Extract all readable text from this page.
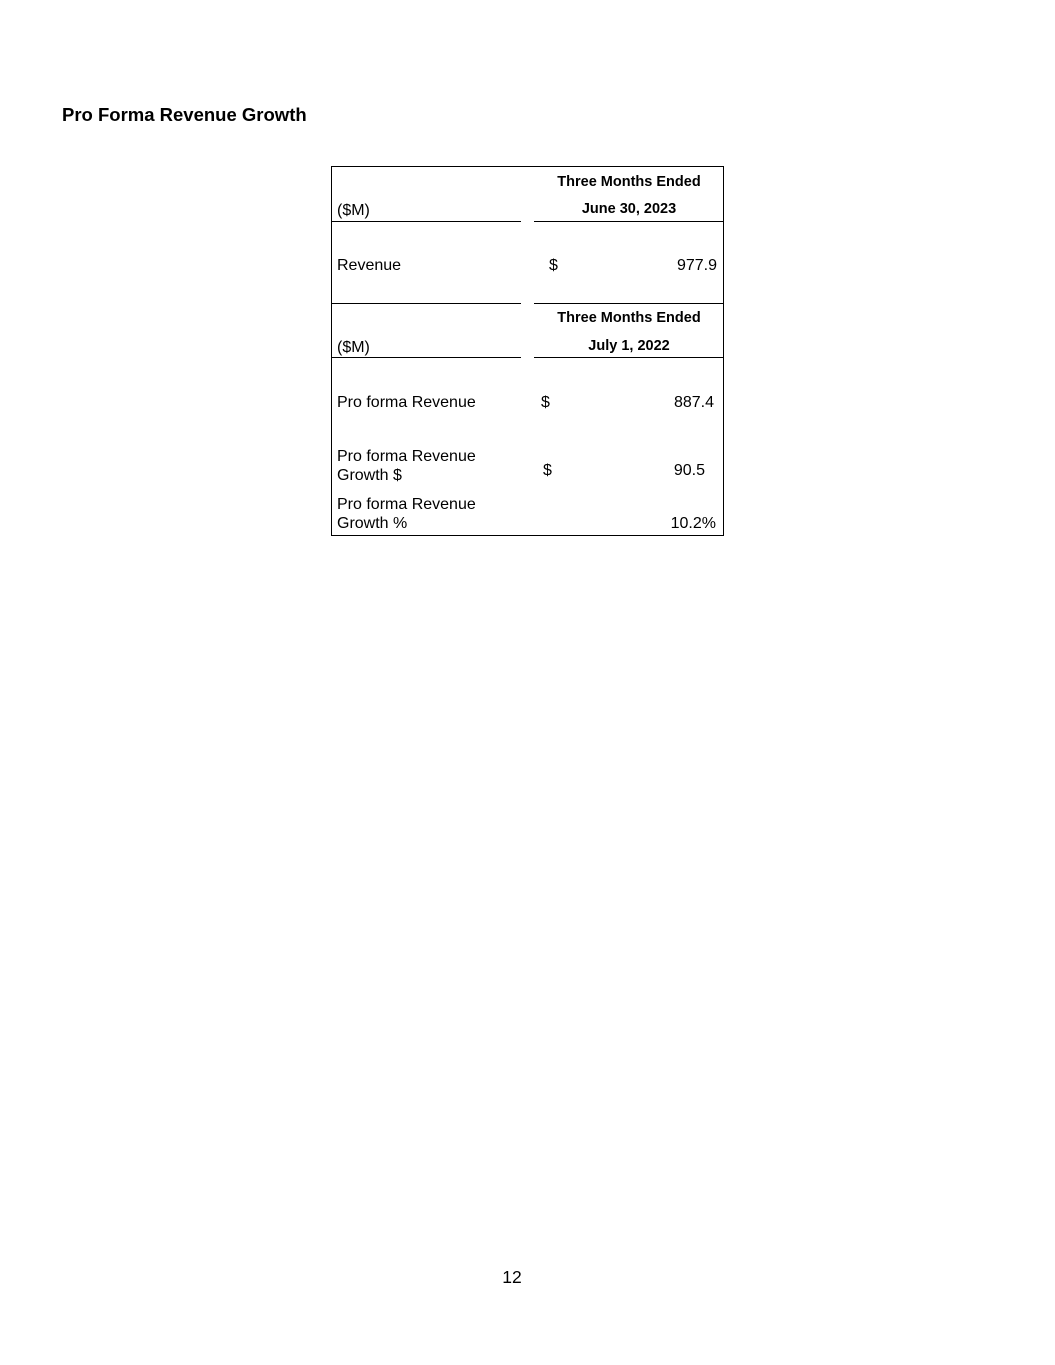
Pro Forma Revenue Growth
Three Months Ended
June 30, 2023
($M)
Revenue	$	977.9
Three Months Ended
July 1, 2022
($M)
Pro forma Revenue	$	887.4
Pro forma Revenue
Growth $	$	90.5
Pro forma Revenue
Growth %	10.2%
12
